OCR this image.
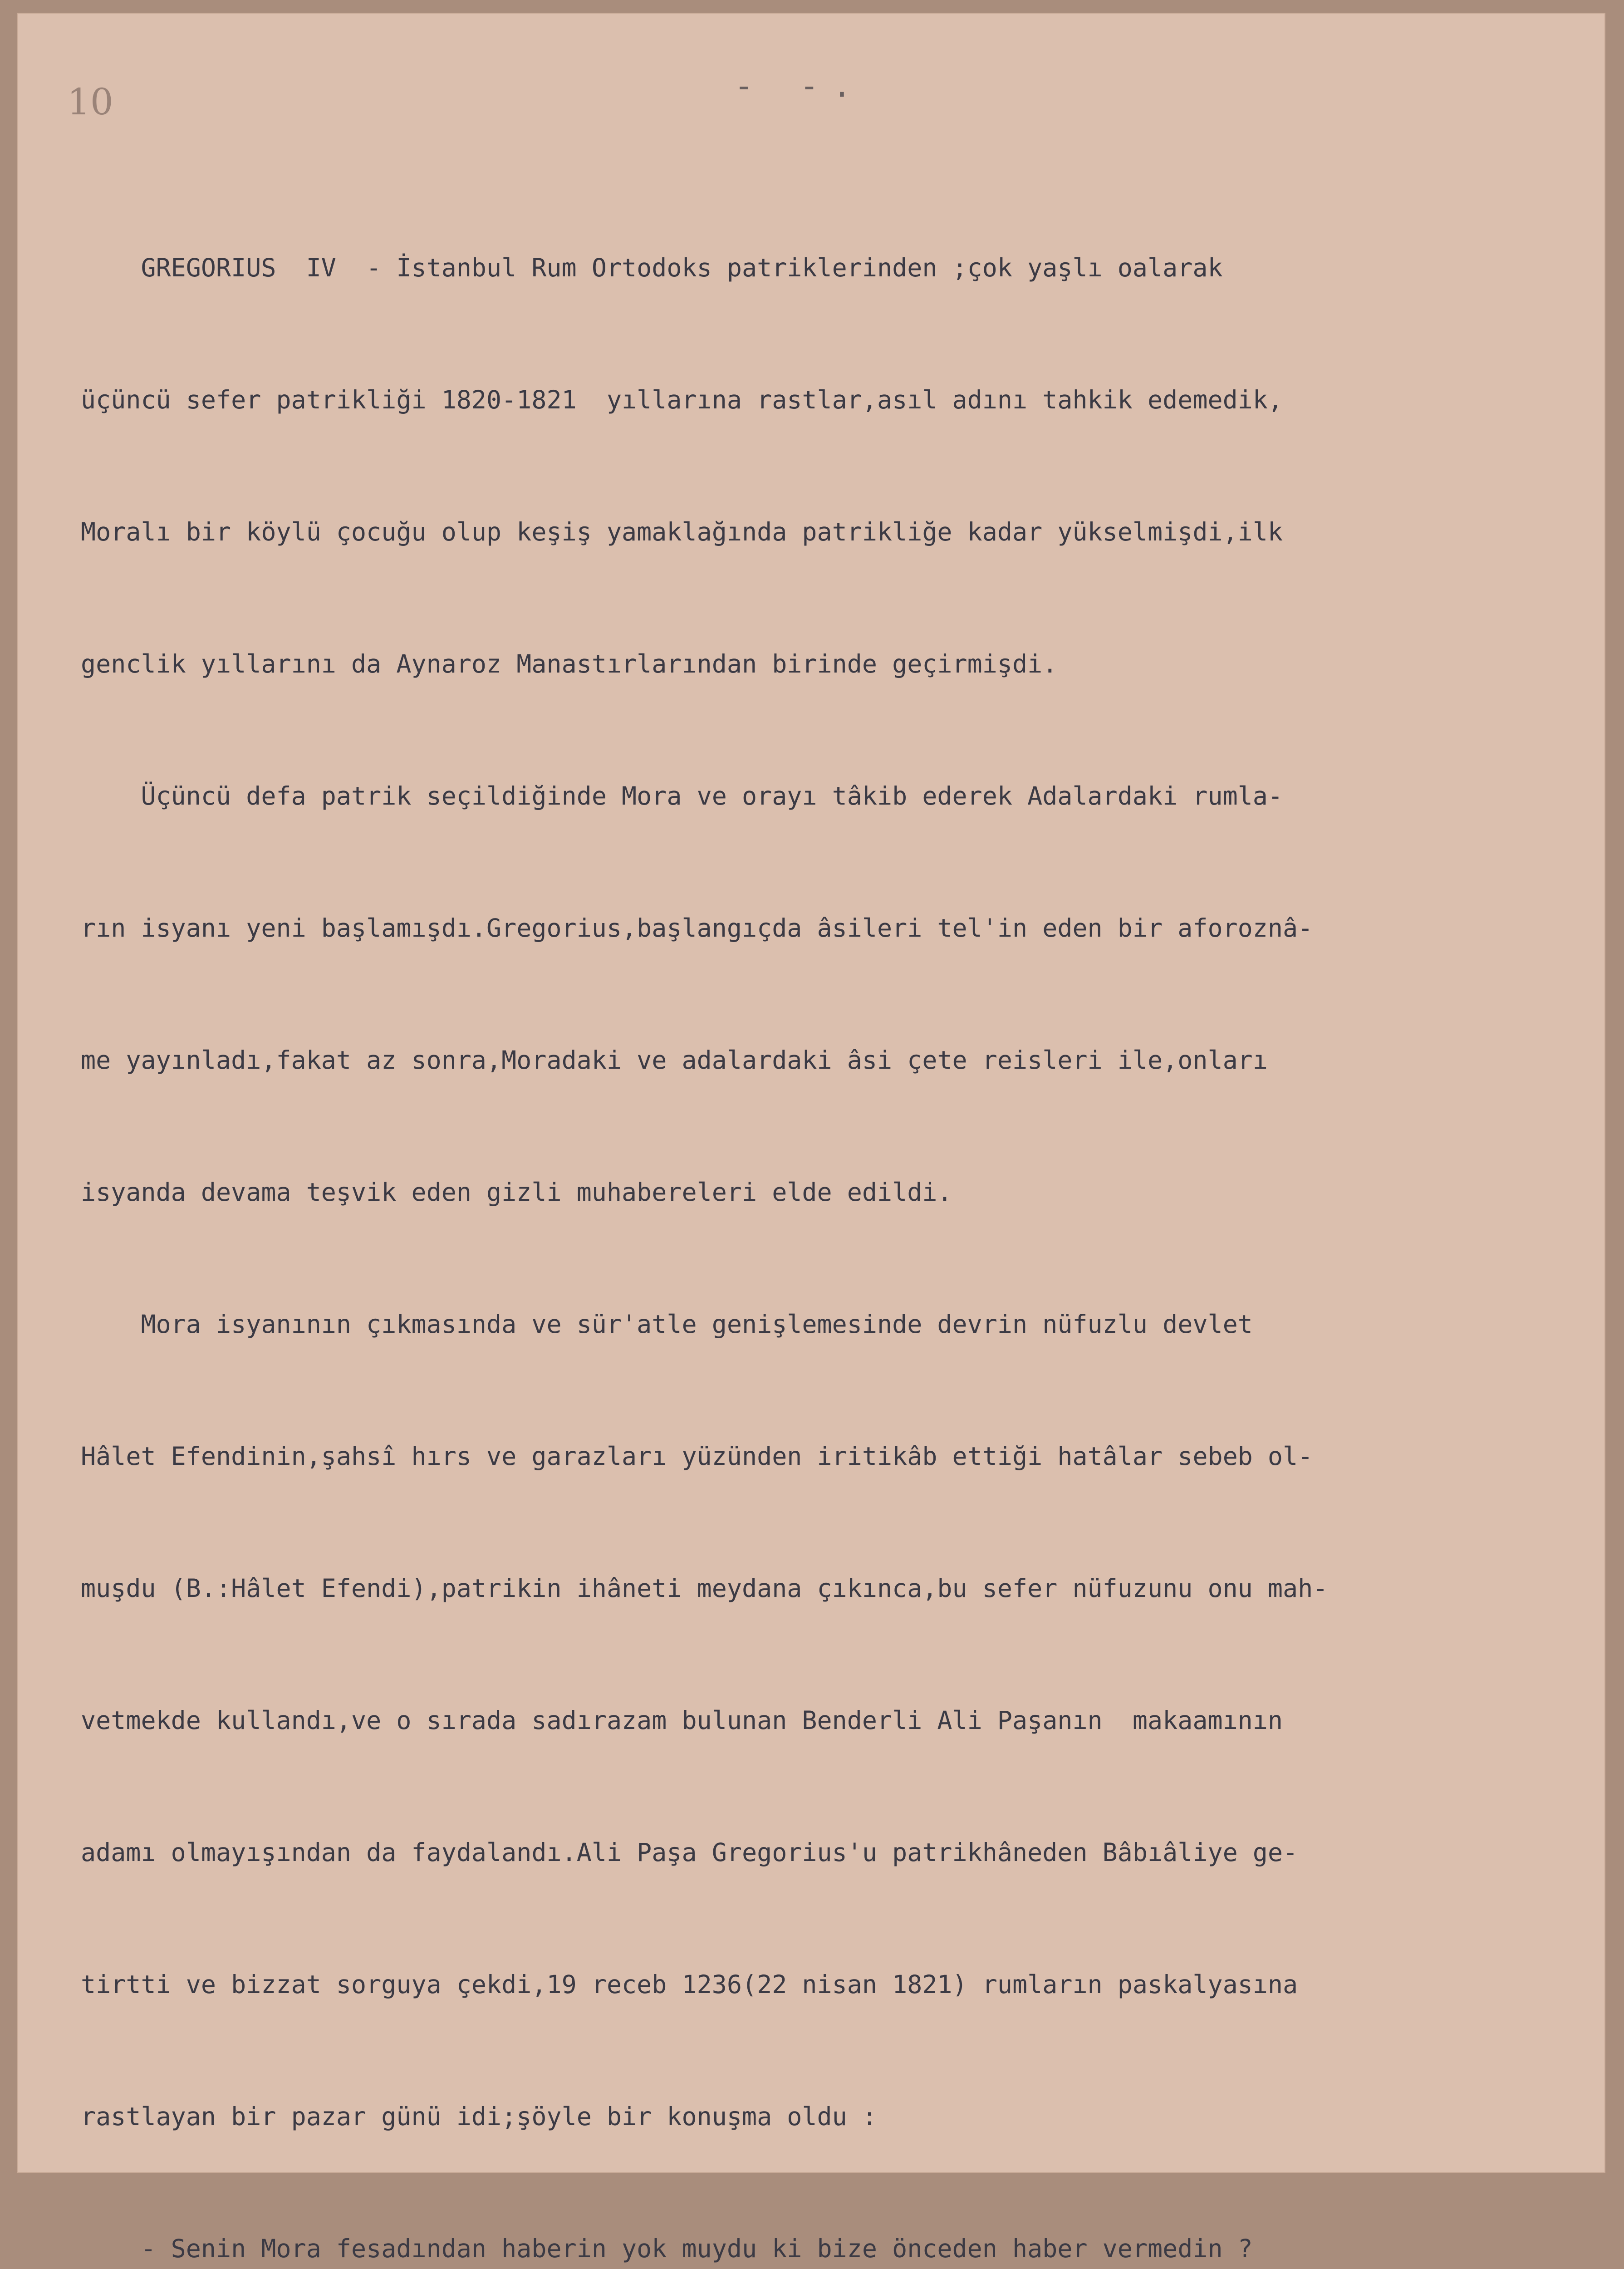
10	- -.

GREGORIUS  IV  - İstanbul Rum Ortodoks patriklerinden ;çok yaşlı oalarak

üçüncü sefer patrikliği 1820-1821  yıllarına rastlar,asıl adını tahkik edemedik,

Moralı bir köylü çocuğu olup keşiş yamaklağında patrikliğe kadar yükselmişdi,ilk

genclik yıllarını da Aynaroz Manastırlarından birinde geçirmişdi.

Üçüncü defa patrik seçildiğinde Mora ve orayı tâkib ederek Adalardaki rumla-

rın isyanı yeni başlamışdı.Gregorius,başlangıçda âsileri tel'in eden bir aforoznâ-

me yayınladı,fakat az sonra,Moradaki ve adalardaki âsi çete reisleri ile,onları

isyanda devama teşvik eden gizli muhabereleri elde edildi.

Mora isyanının çıkmasında ve sür'atle genişlemesinde devrin nüfuzlu devlet

Hâlet Efendinin,şahsî hırs ve garazları yüzünden iritikâb ettiği hatâlar sebeb ol-

muşdu (B.:Hâlet Efendi),patrikin ihâneti meydana çıkınca,bu sefer nüfuzunu onu mah-

vetmekde kullandı,ve o sırada sadırazam bulunan Benderli Ali Paşanın  makaamının

adamı olmayışından da faydalandı.Ali Paşa Gregorius'u patrikhâneden Bâbıâliye ge-

tirtti ve bizzat sorguya çekdi,19 receb 1236(22 nisan 1821) rumların paskalyasına

rastlayan bir pazar günü idi;şöyle bir konuşma oldu :

- Senin Mora fesadından haberin yok muydu ki bize önceden haber vermedin ?
